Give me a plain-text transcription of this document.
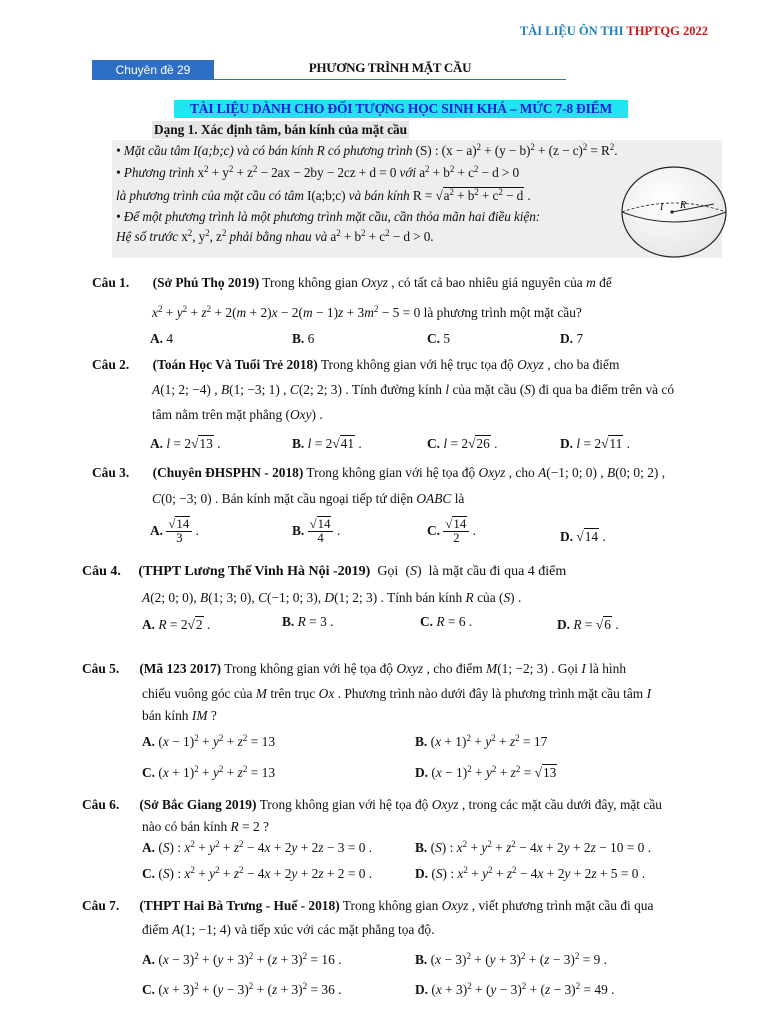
TÀI LIỆU ÔN THI THPTQG 2022
Chuyên đề 29	PHƯƠNG TRÌNH MẶT CẦU
TÀI LIỆU DÀNH CHO ĐỐI TƯỢNG HỌC SINH KHÁ – MỨC 7-8 ĐIỂM
Dạng 1. Xác định tâm, bán kính của mặt cầu
• Mặt cầu tâm I(a;b;c) và có bán kính R có phương trình (S) : $(x - a)^2 + (y - b)^2 + (z - c)^2 = R^2$.
• Phương trình $x^2 + y^2 + z^2 - 2ax - 2by - 2cz + d = 0$ với $a^2 + b^2 + c^2 - d > 0$
là phương trình của mặt cầu có tâm I(a;b;c) và bán kính $R = √a^2 + b^2 + c^2 - d$ .
• Để một phương trình là một phương trình mặt cầu, cần thỏa mãn hai điều kiện:
Hệ số trước $x^2$, $y^2$, $z^2$ phải bằng nhau và $a^2 + b^2 + c^2 - d > 0$.
I R
Câu 1. (Sở Phú Thọ 2019) Trong không gian Oxyz , có tất cả bao nhiêu giá nguyên của m để
$x^2 + y^2 + z^2 + 2(m + 2)x - 2(m - 1)z + 3m^2 - 5 = 0$ là phương trình một mặt cầu?
A. 4	B. 6	C. 5	D. 7
Câu 2. (Toán Học Và Tuổi Trẻ 2018) Trong không gian với hệ trục tọa độ Oxyz , cho ba điểm
A(1; 2; −4) , B(1; −3; 1) , C(2; 2; 3) . Tính đường kính l của mặt cầu (S) đi qua ba điểm trên và có
tâm nằm trên mặt phẳng (Oxy) .
A. l = 2√13 .	B. l = 2√41 .	C. l = 2√26 .	D. l = 2√11 .
Câu 3. (Chuyên ĐHSPHN - 2018) Trong không gian với hệ tọa độ Oxyz , cho A(−1; 0; 0) , B(0; 0; 2) ,
C(0; −3; 0) . Bán kính mặt cầu ngoại tiếp tứ diện OABC là
A. $\frac{√14}{3}$ .	B. $\frac{√14}{4}$ .	C. $\frac{√14}{2}$ .	D. √14 .
Câu 4. (THPT Lương Thế Vinh Hà Nội -2019) Gọi  (S)  là mặt cầu đi qua 4 điểm
A(2; 0; 0), B(1; 3; 0), C(−1; 0; 3), D(1; 2; 3) . Tính bán kính R của (S) .
A. R = 2√2 .	B. R = 3 .	C. R = 6 .	D. R = √6 .
Câu 5. (Mã 123 2017) Trong không gian với hệ tọa độ Oxyz , cho điểm M(1; −2; 3) . Gọi I là hình
chiếu vuông góc của M trên trục Ox . Phương trình nào dưới đây là phương trình mặt cầu tâm I
bán kính IM ?
A. $(x - 1)^2 + y^2 + z^2 = 13$	B. $(x + 1)^2 + y^2 + z^2 = 17$
C. $(x + 1)^2 + y^2 + z^2 = 13$	D. $(x - 1)^2 + y^2 + z^2 = √13$
Câu 6. (Sở Bắc Giang 2019) Trong không gian với hệ tọa độ Oxyz , trong các mặt cầu dưới đây, mặt cầu
nào có bán kính R = 2 ?
A. (S) : $x^2 + y^2 + z^2 - 4x + 2y + 2z - 3 = 0$ .	B. (S) : $x^2 + y^2 + z^2 - 4x + 2y + 2z - 10 = 0$ .
C. (S) : $x^2 + y^2 + z^2 - 4x + 2y + 2z + 2 = 0$ .	D. (S) : $x^2 + y^2 + z^2 - 4x + 2y + 2z + 5 = 0$ .
Câu 7. (THPT Hai Bà Trưng - Huế - 2018) Trong không gian Oxyz , viết phương trình mặt cầu đi qua
điểm A(1; −1; 4) và tiếp xúc với các mặt phẳng tọa độ.
A. $(x - 3)^2 + (y + 3)^2 + (z + 3)^2 = 16$ .	B. $(x - 3)^2 + (y + 3)^2 + (z - 3)^2 = 9$ .
C. $(x + 3)^2 + (y - 3)^2 + (z + 3)^2 = 36$ .	D. $(x + 3)^2 + (y - 3)^2 + (z - 3)^2 = 49$ .
